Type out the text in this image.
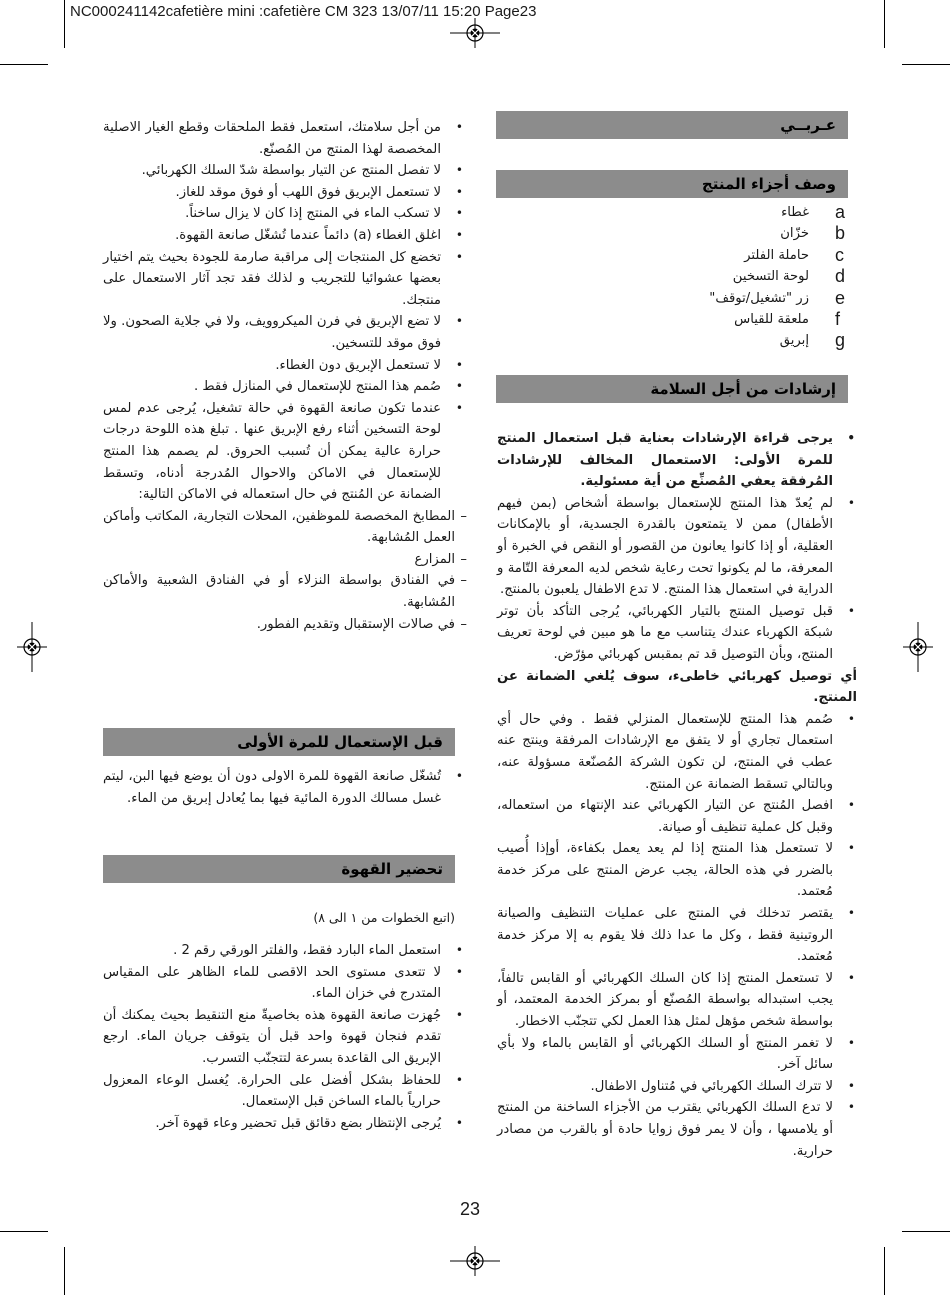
NC000241142cafetière mini :cafetière CM 323 13/07/11 15:20 Page23
عـربــي
وصف أجزاء المنتج
a
غطاء
b
خزّان
c
حاملة الفلتر
d
لوحة التسخين
e
زر "تشغيل/توقف"
f
ملعقة للقياس
g
إبريق
إرشادات من أجل السلامة
• يرجى قراءة الإرشادات بعناية قبل استعمال المنتج للمرة الأولى: الاستعمال المخالف للإرشادات المُرفقة يعفي المُصنِّع من أية مسئولية.
• لم يُعدّ هذا المنتج للإستعمال بواسطة أشخاص (بمن فيهم الأطفال) ممن لا يتمتعون بالقدرة الجسدية، أو بالإمكانات العقلية، أو إذا كانوا يعانون من القصور أو النقص في الخبرة أو المعرفة، ما لم يكونوا تحت رعاية شخص لديه المعرفة التّامة و الدراية في استعمال هذا المنتج. لا تدع الاطفال يلعبون بالمنتج.
• قبل توصيل المنتج بالتيار الكهربائي، يُرجى التأكد بأن توتر شبكة الكهرباء عندك يتناسب مع ما هو مبين في لوحة تعريف المنتج، وبأن التوصيل قد تم بمقبس كهربائي مؤرّض.
أي توصيل كهربائي خاطىء، سوف يُلغي الضمانة عن المنتج.
• صُمم هذا المنتج للإستعمال المنزلي فقط . وفي حال أي استعمال تجاري أو لا يتفق مع الإرشادات المرفقة وينتج عنه عطب في المنتج، لن تكون الشركة المُصنّعة مسؤولة عنه، وبالتالي تسقط الضمانة عن المنتج.
• افصل المُنتج عن التيار الكهربائي عند الإنتهاء من استعماله، وقبل كل عملية تنظيف أو صيانة.
• لا تستعمل هذا المنتج إذا لم يعد يعمل بكفاءة، أوإذا أُصيب بالضرر في هذه الحالة، يجب عرض المنتج على مركز خدمة مُعتمد.
• يقتصر تدخلك في المنتج على عمليات التنظيف والصيانة الروتينية فقط ، وكل ما عدا ذلك فلا يقوم به إلا مركز خدمة مُعتمد.
• لا تستعمل المنتج إذا كان السلك الكهربائي أو القابس تالفاً، يجب استبداله بواسطة المُصنّع أو بمركز الخدمة المعتمد، أو بواسطة شخص مؤهل لمثل هذا العمل لكي تتجنّب الاخطار.
• لا تغمر المنتج أو السلك الكهربائي أو القابس بالماء ولا بأي سائل آخر.
• لا تترك السلك الكهربائي في مُتناول الاطفال.
• لا تدع السلك الكهربائي يقترب من الأجزاء الساخنة من المنتج أو يلامسها ، وأن لا يمر فوق زوايا حادة أو بالقرب من مصادر حرارية.
• من أجل سلامتك، استعمل فقط الملحقات وقطع الغيار الاصلية المخصصة لهذا المنتج من المُصنّع.
• لا تفصل المنتج عن التيار بواسطة شدّ السلك الكهربائي.
• لا تستعمل الإبريق فوق اللهب أو فوق موقد للغاز.
• لا تسكب الماء في المنتج إذا كان لا يزال ساخناً.
• اغلق الغطاء (a) دائماً عندما تُشغّل صانعة القهوة.
• تخضع كل المنتجات إلى مراقبة صارمة للجودة بحيث يتم اختيار بعضها عشوائيا للتجريب و لذلك فقد تجد آثار الاستعمال على منتجك.
• لا تضع الإبريق في فرن الميكروويف، ولا في جلاية الصحون. ولا فوق موقد للتسخين.
• لا تستعمل الإبريق دون الغطاء.
• صُمم هذا المنتج للإستعمال في المنازل فقط .
• عندما تكون صانعة القهوة في حالة تشغيل، يُرجى عدم لمس لوحة التسخين أثناء رفع الإبريق عنها . تبلغ هذه اللوحة درجات حرارة عالية يمكن أن تُسبب الحروق. لم يصمم هذا المنتج للإستعمال في الاماكن والاحوال المُدرجة أدناه، وتسقط الضمانة عن المُنتج في حال استعماله في الاماكن التالية:
–
المطابخ المخصصة للموظفين، المحلات التجارية، المكاتب وأماكن العمل المُشابهة.
–
المزارع
–
في الفنادق بواسطة النزلاء أو في الفنادق الشعبية والأماكن المُشابهة.
–
في صالات الإستقبال وتقديم الفطور.
قبل الإستعمال للمرة الأولى
• تُشغّل صانعة القهوة للمرة الاولى دون أن يوضع فيها البن، ليتم غسل مسالك الدورة المائية فيها بما يُعادل إبريق من الماء.
تحضير القهوة
(اتبع الخطوات من ١ الى ٨)
• استعمل الماء البارد فقط، والفلتر الورقي رقم 2 .
• لا تتعدى مستوى الحد الاقصى للماء الظاهر على المقياس المتدرج في خزان الماء.
• جُهزت صانعة القهوة هذه بخاصيةّ منع التنقيط بحيث يمكنك أن تقدم فنجان قهوة واحد قبل أن يتوقف جريان الماء. ارجع الإبريق الى القاعدة بسرعة لتتجنّب التسرب.
• للحفاظ بشكل أفضل على الحرارة. يُغسل الوعاء المعزول حرارياً بالماء الساخن قبل الإستعمال.
• يُرجى الإنتظار بضع دقائق قبل تحضير وعاء قهوة آخر.
23
